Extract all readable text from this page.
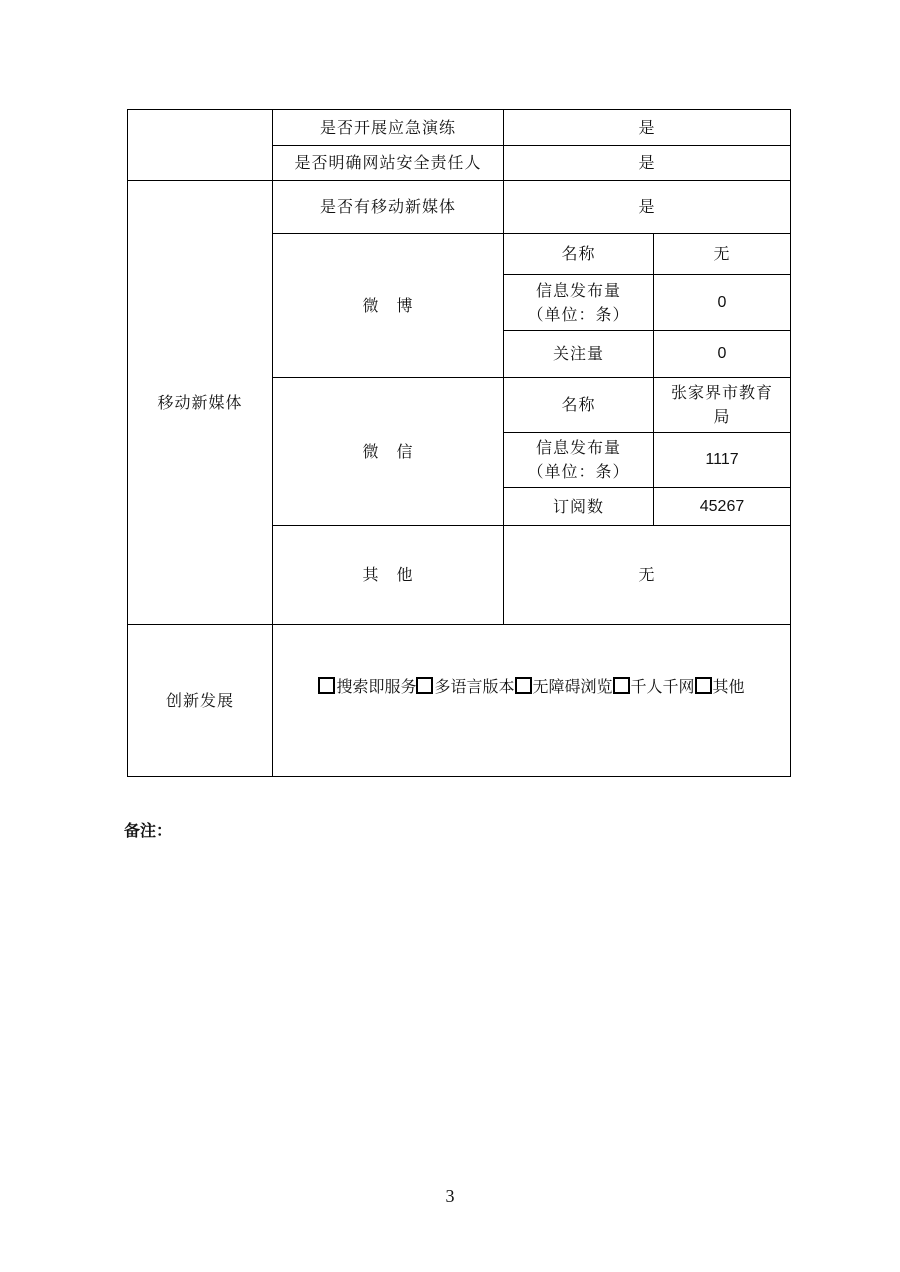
	是否开展应急演练	是	
	是否明确网站安全责任人	是	
移动新媒体	是否有移动新媒体	是	
	微　博	名称	无

		信息发布量
（单位：条）	0
		关注量	0
	微　信	名称	张家界市教育
局

		信息发布量
（单位：条）	1117
		订阅数	45267
	其　他	无	
创新发展	搜索即服务 多语言版本 无障碍浏览 千人千网 其他		
备注：
3
